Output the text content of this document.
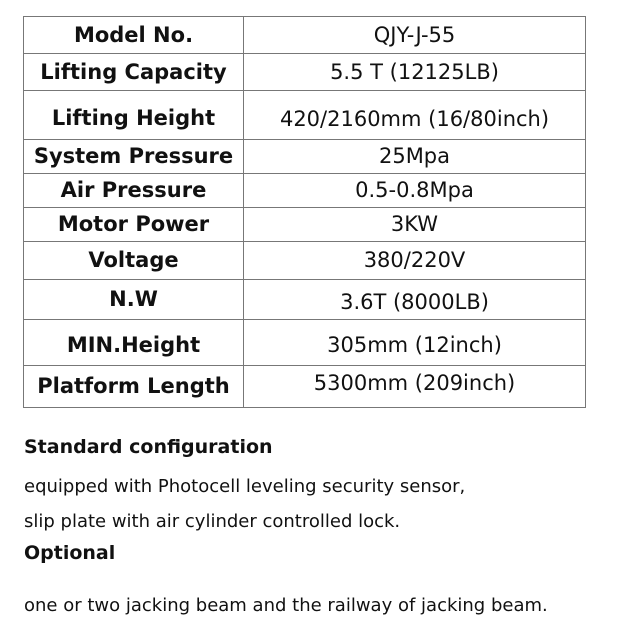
Model No.	QJY-J-55
Lifting Capacity	5.5 T (12125LB)
Lifting Height	420/2160mm (16/80inch)
System Pressure	25Mpa
Air Pressure	0.5-0.8Mpa
Motor Power	3KW
Voltage	380/220V
N.W	3.6T (8000LB)
MIN.Height	305mm (12inch)
Platform Length	5300mm (209inch)
Standard configuration
equipped with Photocell leveling security sensor,
slip plate with air cylinder controlled lock.
Optional
one or two jacking beam and the railway of jacking beam.
